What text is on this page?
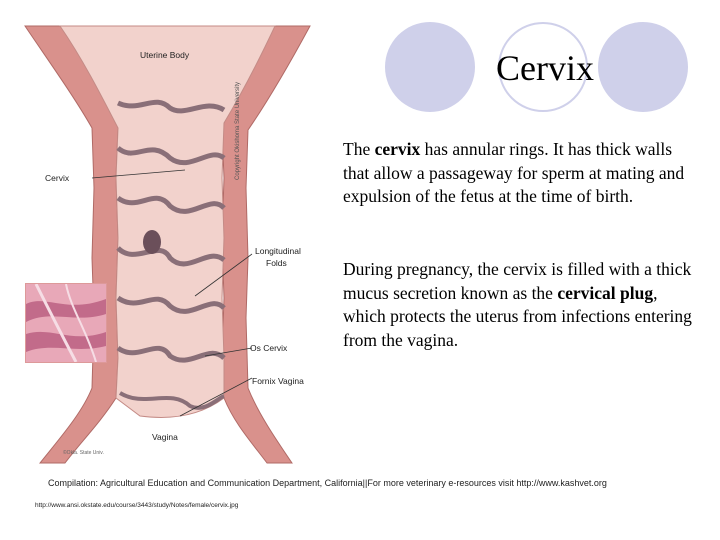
Cervix
The cervix has annular rings. It has thick walls that allow a passageway for sperm at mating and expulsion of the fetus at the time of birth.
During pregnancy, the cervix is filled with a thick mucus secretion known as the cervical plug, which protects the uterus from infections entering from the vagina.
Uterine Body
Cervix
Longitudinal
Folds
Os Cervix
Fornix Vagina
Vagina
Copyright Okishoma State University
©Okla. State Univ.
Compilation: Agricultural Education and Communication Department, California||For more veterinary e-resources visit http://www.kashvet.org
http://www.ansi.okstate.edu/course/3443/study/Notes/female/cervix.jpg
